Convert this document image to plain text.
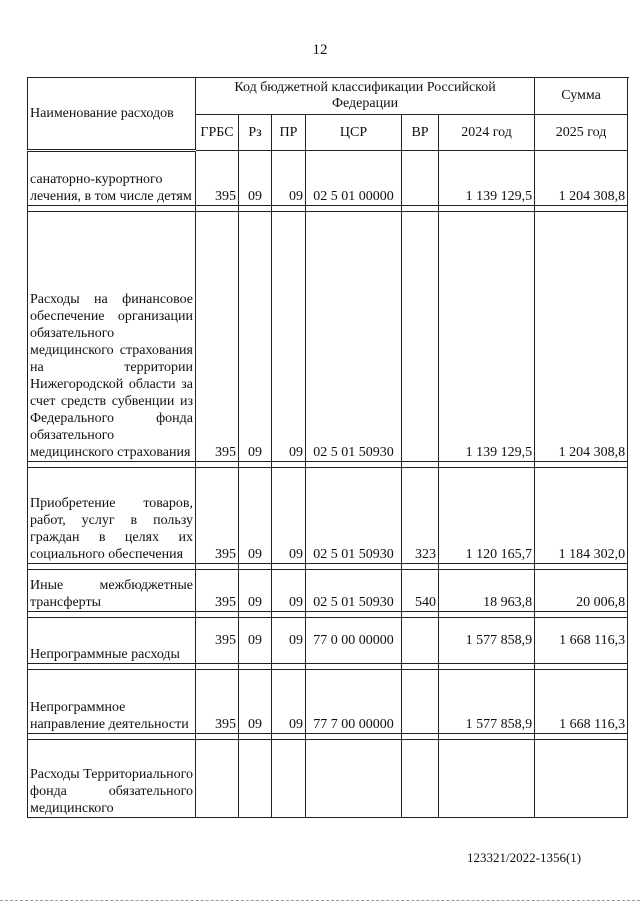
12
Наименование расходов	Код бюджетной классификации Российской Федерации						Сумма
	ГРБС	Рз	ПР	ЦСР	ВР	2024 год	2025 год
санаторно-курортного лечения, в том числе детям	395	09	09	02 5 01 00000		1 139 129,5	1 204 308,8

Расходы на финансовое обеспечение организации обязательного медицинского страхования на территории Нижегородской области за счет средств субвенции из Федерального фонда обязательного медицинского страхования	395	09	09	02 5 01 50930		1 139 129,5	1 204 308,8

Приобретение товаров, работ, услуг в пользу граждан в целях их социального обеспечения	395	09	09	02 5 01 50930	323	1 120 165,7	1 184 302,0

Иные межбюджетные трансферты	395	09	09	02 5 01 50930	540	18 963,8	20 006,8

Непрограммные расходы	395	09	09	77 0 00 00000		1 577 858,9	1 668 116,3

Непрограммное направление деятельности	395	09	09	77 7 00 00000		1 577 858,9	1 668 116,3

Расходы Территориального фонда обязательного медицинского							
123321/2022-1356(1)
